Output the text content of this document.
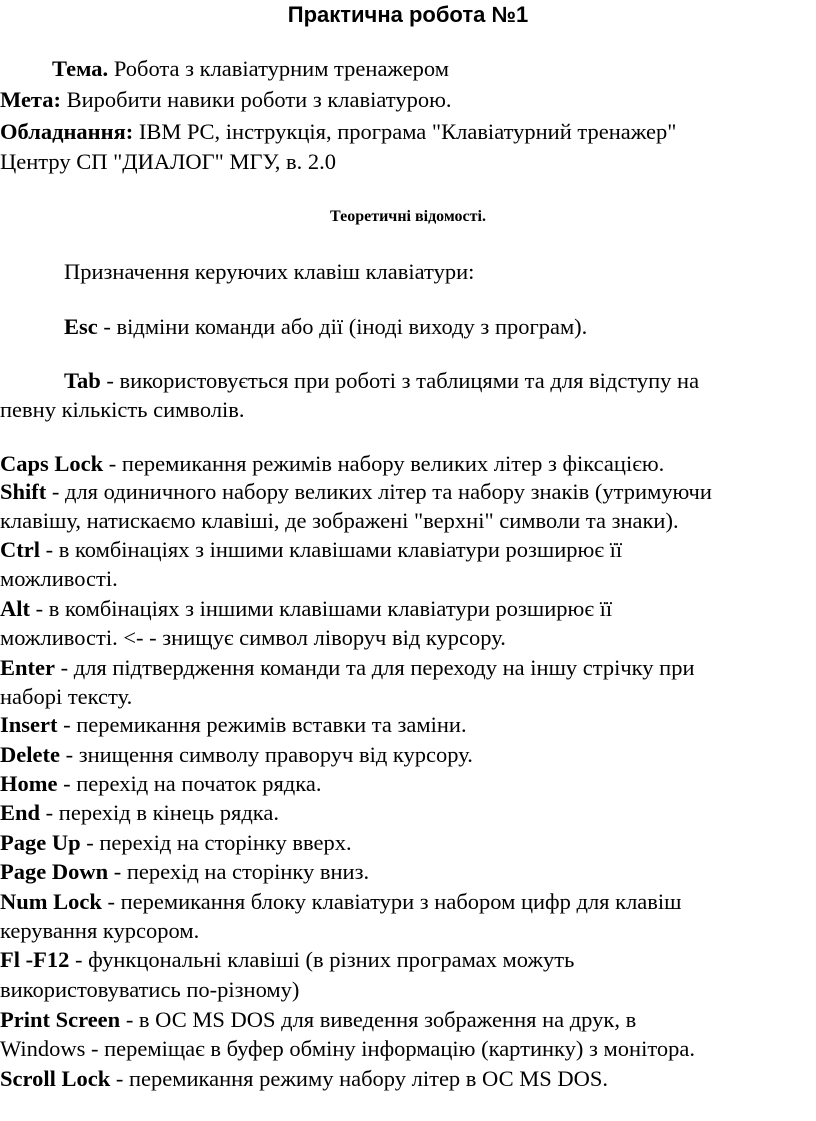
Практична робота №1
Тема. Робота з клавіатурним тренажером
Мета: Виробити навики роботи з клавіатурою.
Обладнання: IBM PC, інструкція, програма "Клавіатурний тренажер"
Центру СП "ДИАЛОГ" МГУ, в. 2.0
Теоретичні відомості.
Призначення керуючих клавіш клавіатури:
Esc - відміни команди або дії (іноді виходу з програм).
Tab - використовується при роботі з таблицями та для відступу на
певну кількість символів.
Caps Lock - перемикання режимів набору великих літер з фіксацією.
Shift - для одиничного набору великих літер та набору знаків (утримуючи
клавішу, натискаємо клавіші, де зображені "верхні" символи та знаки).
Ctrl - в комбінаціях з іншими клавішами клавіатури розширює її
можливості.
Alt - в комбінаціях з іншими клавішами клавіатури розширює її
можливості. <- - знищує символ ліворуч від курсору.
Enter - для підтвердження команди та для переходу на іншу стрічку при
наборі тексту.
Insert - перемикання режимів вставки та заміни.
Delete - знищення символу праворуч від курсору.
Home - перехід на початок рядка.
End - перехід в кінець рядка.
Page Up - перехід на сторінку вверх.
Page Down - перехід на сторінку вниз.
Num Lock - перемикання блоку клавіатури з набором цифр для клавіш
керування курсором.
Fl -F12 - функцональні клавіші (в різних програмах можуть
використовуватись по-різному)
Print Screen - в ОС MS DOS для виведення зображення на друк, в
Windows - переміщає в буфер обміну інформацію (картинку) з монітора.
Scroll Lock - перемикання режиму набору літер в ОС MS DOS.
